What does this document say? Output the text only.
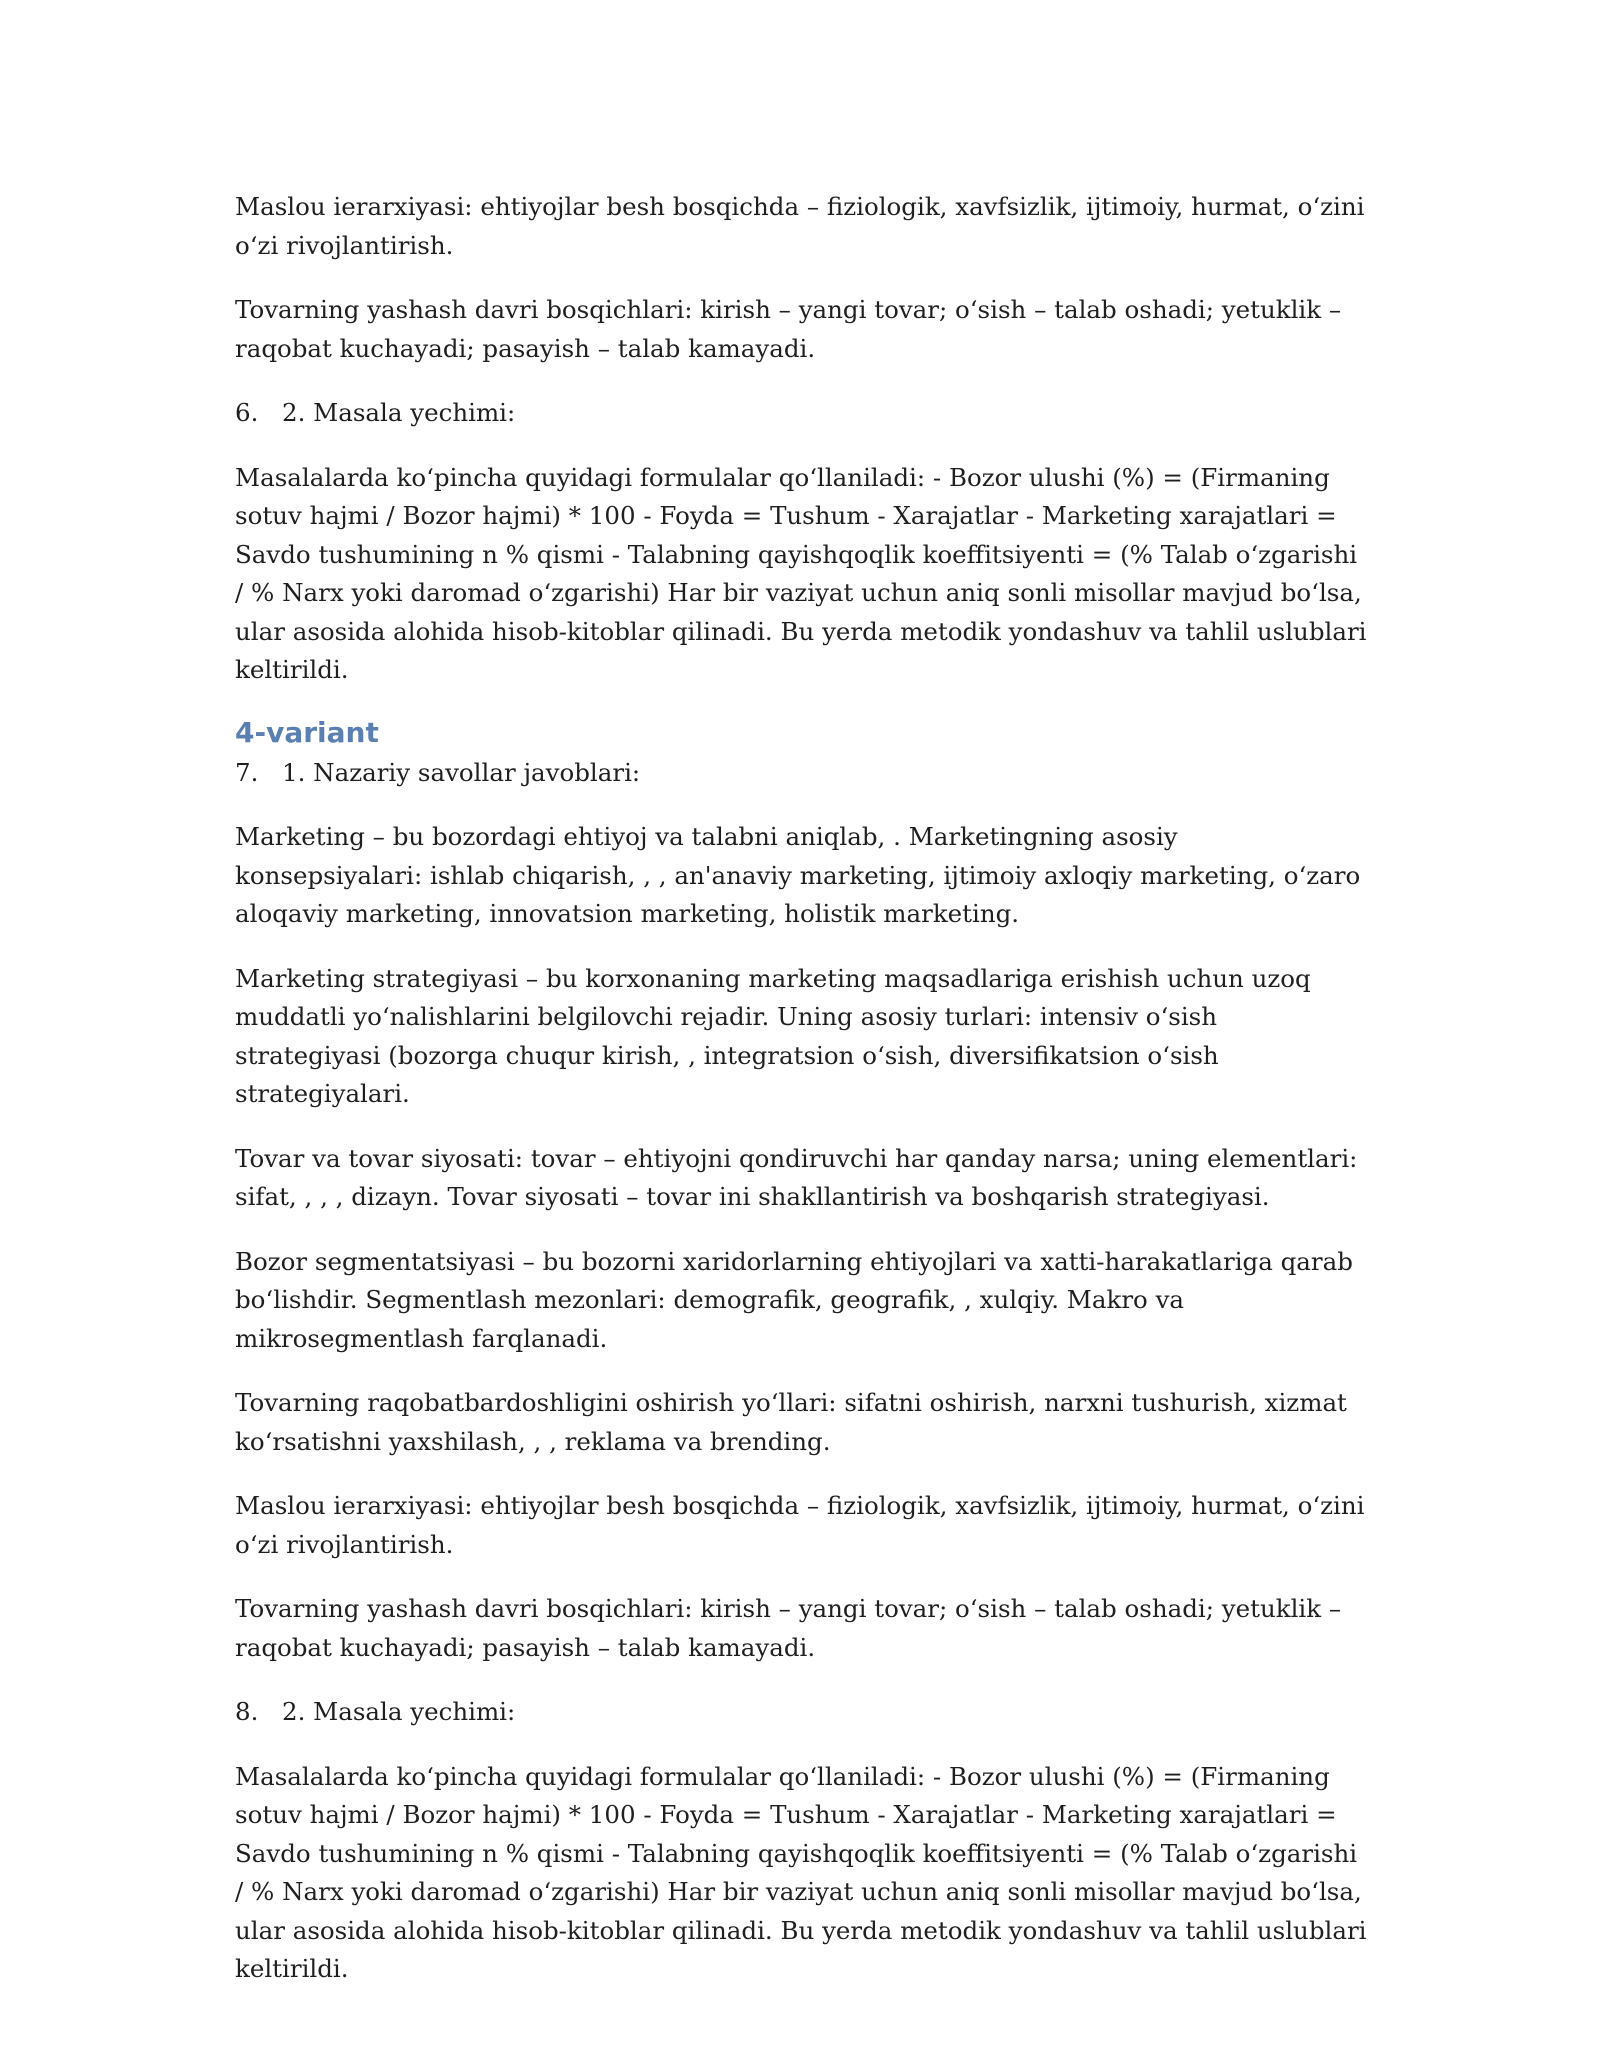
Maslou ierarxiyasi: ehtiyojlar besh bosqichda – fiziologik, xavfsizlik, ijtimoiy, hurmat, oʻzini oʻzi rivojlantirish.

Tovarning yashash davri bosqichlari: kirish – yangi tovar; oʻsish – talab oshadi; yetuklik – raqobat kuchayadi; pasayish – talab kamayadi.

6. 2. Masala yechimi:

Masalalarda koʻpincha quyidagi formulalar qoʻllaniladi: - Bozor ulushi (%) = (Firmaning sotuv hajmi / Bozor hajmi) * 100 - Foyda = Tushum - Xarajatlar - Marketing xarajatlari = Savdo tushumining n % qismi - Talabning qayishqoqlik koeffitsiyenti = (% Talab oʻzgarishi / % Narx yoki daromad oʻzgarishi) Har bir vaziyat uchun aniq sonli misollar mavjud boʻlsa, ular asosida alohida hisob-kitoblar qilinadi. Bu yerda metodik yondashuv va tahlil uslublari keltirildi.

4-variant
7. 1. Nazariy savollar javoblari:

Marketing – bu bozordagi ehtiyoj va talabni aniqlab, . Marketingning asosiy konsepsiyalari: ishlab chiqarish, , , an'anaviy marketing, ijtimoiy axloqiy marketing, oʻzaro aloqaviy marketing, innovatsion marketing, holistik marketing.

Marketing strategiyasi – bu korxonaning marketing maqsadlariga erishish uchun uzoq muddatli yoʻnalishlarini belgilovchi rejadir. Uning asosiy turlari: intensiv oʻsish strategiyasi (bozorga chuqur kirish, , integratsion oʻsish, diversifikatsion oʻsish strategiyalari.

Tovar va tovar siyosati: tovar – ehtiyojni qondiruvchi har qanday narsa; uning elementlari: sifat, , , , dizayn. Tovar siyosati – tovar ini shakllantirish va boshqarish strategiyasi.

Bozor segmentatsiyasi – bu bozorni xaridorlarning ehtiyojlari va xatti-harakatlariga qarab boʻlishdir. Segmentlash mezonlari: demografik, geografik, , xulqiy. Makro va mikrosegmentlash farqlanadi.

Tovarning raqobatbardoshligini oshirish yoʻllari: sifatni oshirish, narxni tushurish, xizmat koʻrsatishni yaxshilash, , , reklama va brending.

Maslou ierarxiyasi: ehtiyojlar besh bosqichda – fiziologik, xavfsizlik, ijtimoiy, hurmat, oʻzini oʻzi rivojlantirish.

Tovarning yashash davri bosqichlari: kirish – yangi tovar; oʻsish – talab oshadi; yetuklik – raqobat kuchayadi; pasayish – talab kamayadi.

8. 2. Masala yechimi:

Masalalarda koʻpincha quyidagi formulalar qoʻllaniladi: - Bozor ulushi (%) = (Firmaning sotuv hajmi / Bozor hajmi) * 100 - Foyda = Tushum - Xarajatlar - Marketing xarajatlari = Savdo tushumining n % qismi - Talabning qayishqoqlik koeffitsiyenti = (% Talab oʻzgarishi / % Narx yoki daromad oʻzgarishi) Har bir vaziyat uchun aniq sonli misollar mavjud boʻlsa, ular asosida alohida hisob-kitoblar qilinadi. Bu yerda metodik yondashuv va tahlil uslublari keltirildi.
